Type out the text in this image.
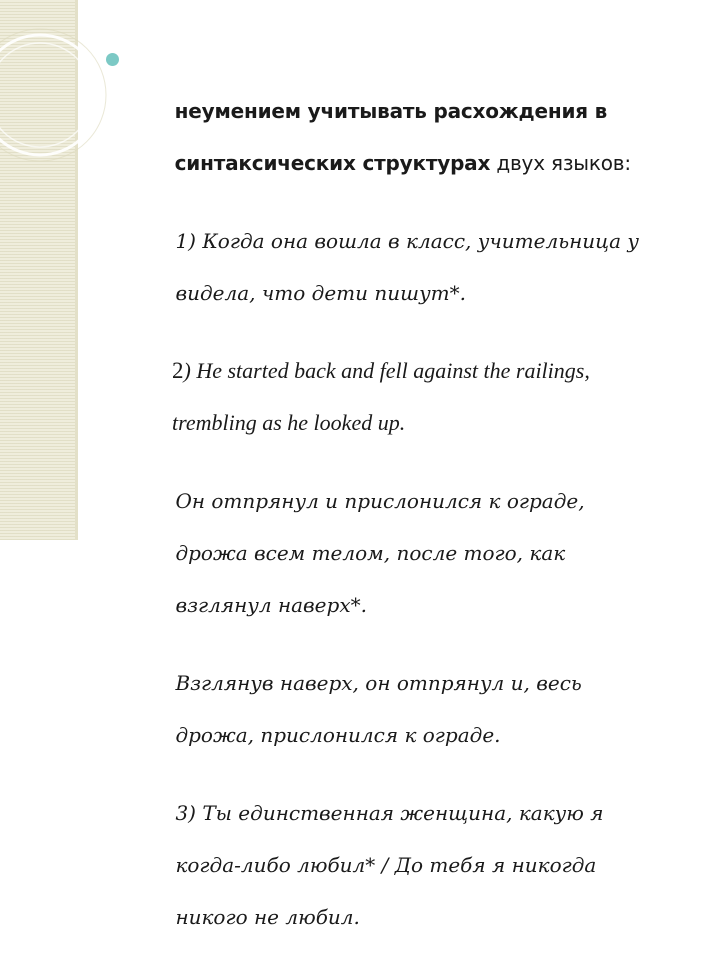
неумением учитывать расхождения в

синтаксических структурах двух языков:

1) Когда она вошла в класс, учительница у

видела, что дети пишут*.

2) He started back and fell against the railings,

trembling as he looked up.

Он отпрянул и прислонился к ограде,

дрожа всем телом, после того, как

взглянул наверх*.

Взглянув наверх, он отпрянул и, весь

дрожа, прислонился к ограде.

3) Ты единственная женщина, какую я

когда-либо любил* / До тебя я никогда

никого не любил.
